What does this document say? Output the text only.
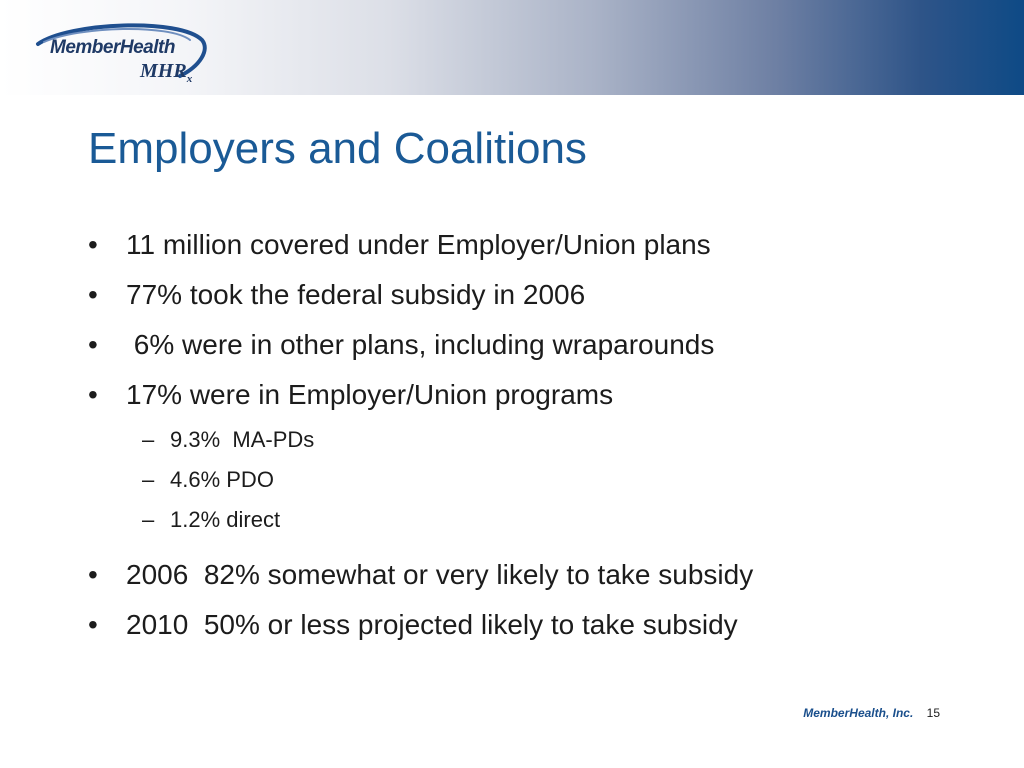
MemberHealth
$MHR_x$
Employers and Coalitions

•

11 million covered under Employer/Union plans

•

77% took the federal subsidy in 2006

•

6% were in other plans, including wraparounds

•

17% were in Employer/Union programs

–

9.3%  MA-PDs

–

4.6% PDO

–

1.2% direct

•

2006  82% somewhat or very likely to take subsidy

•

2010  50% or less projected likely to take subsidy

MemberHealth, Inc. 15
